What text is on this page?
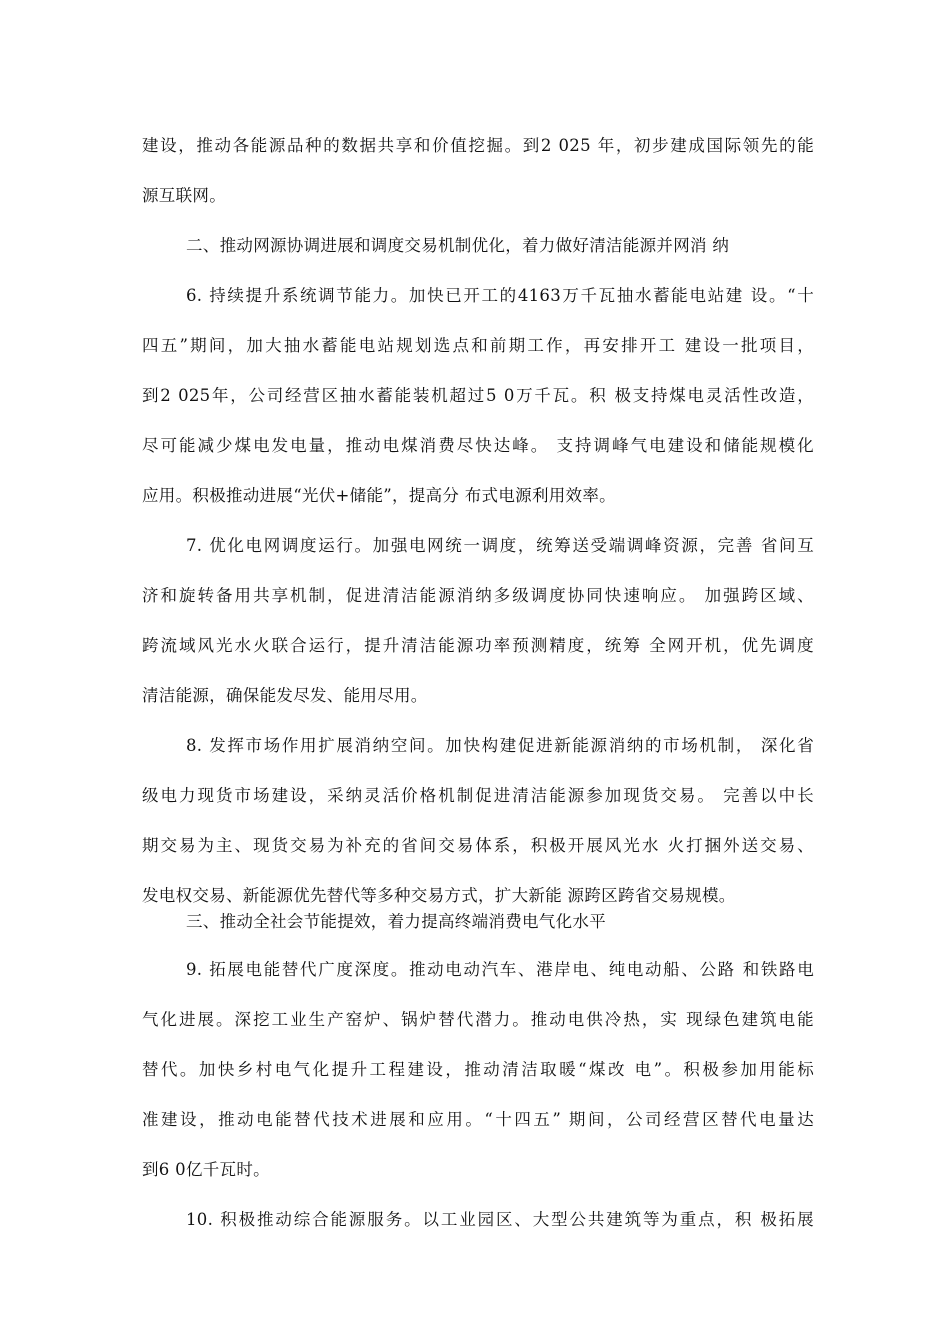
建设，推动各能源品种的数据共享和价值挖掘。到2 025 年，初步建成国际领先的能
源互联网。
二、推动网源协调进展和调度交易机制优化，着力做好清洁能源并网消 纳
6. 持续提升系统调节能力。加快已开工的4163万千瓦抽水蓄能电站建 设。“十
四五”期间，加大抽水蓄能电站规划选点和前期工作，再安排开工 建设一批项目，
到2 025年，公司经营区抽水蓄能装机超过5 0万千瓦。积 极支持煤电灵活性改造，
尽可能减少煤电发电量，推动电煤消费尽快达峰。 支持调峰气电建设和储能规模化
应用。积极推动进展“光伏+储能”，提高分 布式电源利用效率。
7. 优化电网调度运行。加强电网统一调度，统筹送受端调峰资源，完善 省间互
济和旋转备用共享机制，促进清洁能源消纳多级调度协同快速响应。 加强跨区域、
跨流域风光水火联合运行，提升清洁能源功率预测精度，统筹 全网开机，优先调度
清洁能源，确保能发尽发、能用尽用。
8. 发挥市场作用扩展消纳空间。加快构建促进新能源消纳的市场机制， 深化省
级电力现货市场建设，采纳灵活价格机制促进清洁能源参加现货交易。 完善以中长
期交易为主、现货交易为补充的省间交易体系，积极开展风光水 火打捆外送交易、
发电权交易、新能源优先替代等多种交易方式，扩大新能 源跨区跨省交易规模。
三、推动全社会节能提效，着力提高终端消费电气化水平
9. 拓展电能替代广度深度。推动电动汽车、港岸电、纯电动船、公路 和铁路电
气化进展。深挖工业生产窑炉、锅炉替代潜力。推动电供冷热，实 现绿色建筑电能
替代。加快乡村电气化提升工程建设，推动清洁取暖“煤改 电”。积极参加用能标
准建设，推动电能替代技术进展和应用。“十四五” 期间，公司经营区替代电量达
到6 0亿千瓦时。
10. 积极推动综合能源服务。以工业园区、大型公共建筑等为重点，积 极拓展
